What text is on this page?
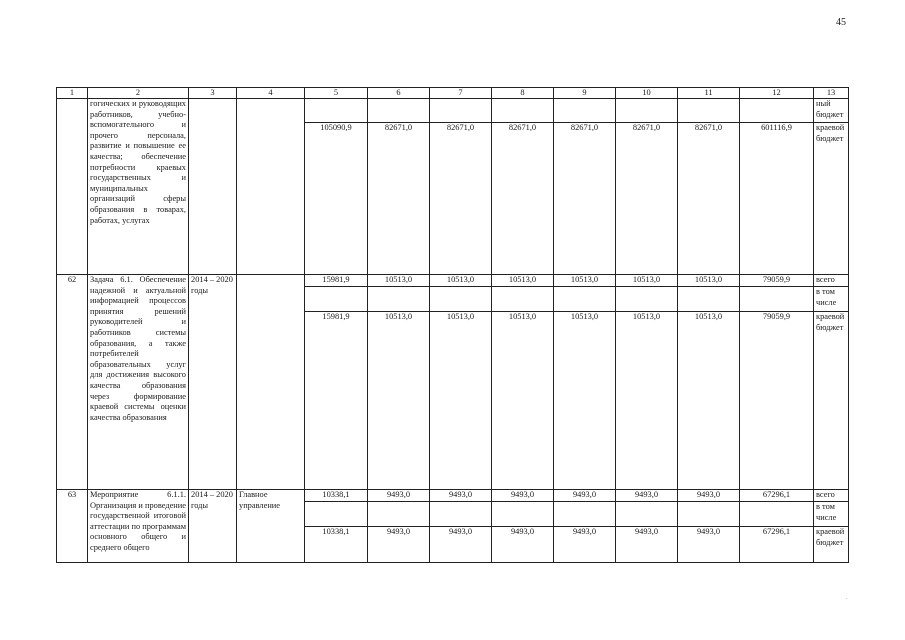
45
1	2	3	4	5	6	7	8	9	10	11	12	13
	гогических и руководящих работников, учебно-вспомогательного и прочего персонала, развитие и повышение ее качества; обеспечение потребности краевых государственных и муниципальных организаций сферы образования в товарах, работах, услугах											ный бюджет
				105090,9	82671,0	82671,0	82671,0	82671,0	82671,0	82671,0	601116,9	краевой бюджет

62	Задача 6.1. Обеспечение надежной и актуальной информацией процессов принятия решений руководителей и работников системы образования, а также потребителей образовательных услуг для достижения высокого качества образования через формирование краевой системы оценки качества образования	2014 – 2020 годы		15981,9	10513,0	10513,0	10513,0	10513,0	10513,0	10513,0	79059,9	всего
												в том числе
				15981,9	10513,0	10513,0	10513,0	10513,0	10513,0	10513,0	79059,9	краевой бюджет

63	Мероприятие 6.1.1. Организация и проведение государственной итоговой аттестации по программам основного общего и среднего общего	2014 – 2020 годы	Главное управление	10338,1	9493,0	9493,0	9493,0	9493,0	9493,0	9493,0	67296,1	всего
												в том числе
				10338,1	9493,0	9493,0	9493,0	9493,0	9493,0	9493,0	67296,1	краевой бюджет

.
